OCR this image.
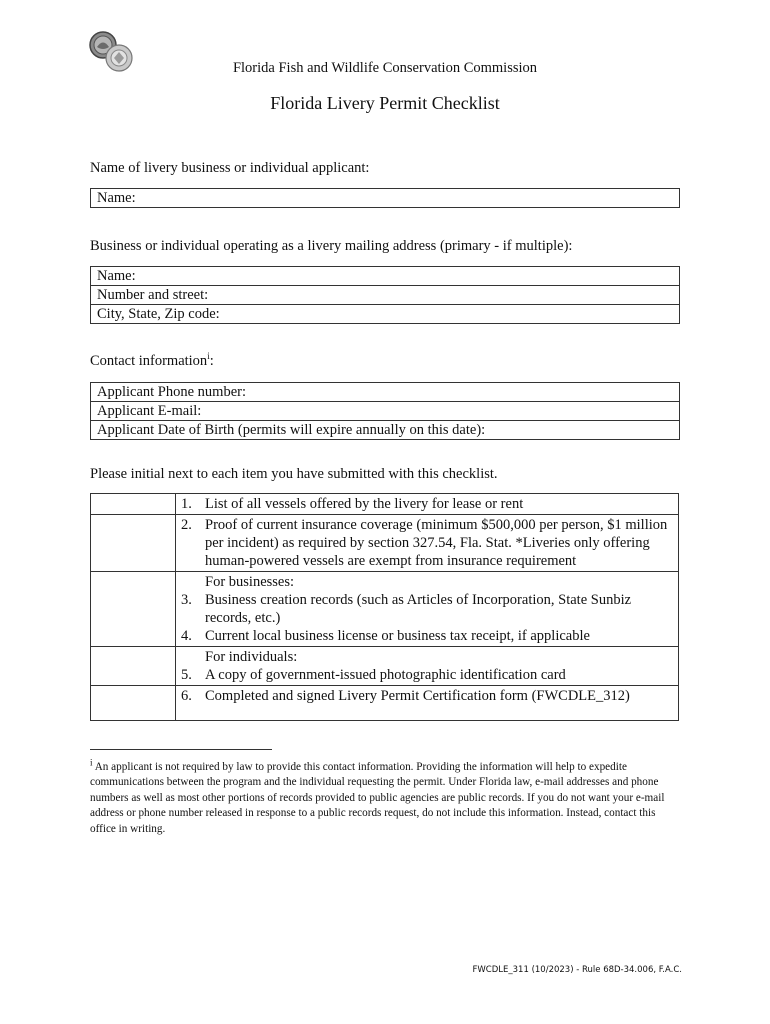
Florida Fish and Wildlife Conservation Commission
Florida Livery Permit Checklist
Name of livery business or individual applicant:
Name:
Business or individual operating as a livery mailing address (primary - if multiple):
Name:
Number and street:
City, State, Zip code:
Contact information$^i$:
Applicant Phone number:
Applicant E-mail:
Applicant Date of Birth (permits will expire annually on this date):
Please initial next to each item you have submitted with this checklist.

	1. List of all vessels offered by the livery for lease or rent

	2. Proof of current insurance coverage (minimum $500,000 per person, $1 million per incident) as required by section 327.54, Fla. Stat. *Liveries only offering human-powered vessels are exempt from insurance requirement

	For businesses:
3. Business creation records (such as Articles of Incorporation, State Sunbiz records, etc.)
4. Current local business license or business tax receipt, if applicable

	For individuals:
5. A copy of government-issued photographic identification card

	6. Completed and signed Livery Permit Certification form (FWCDLE_312)
$^i$ An applicant is not required by law to provide this contact information. Providing the information will help to expedite communications between the program and the individual requesting the permit. Under Florida law, e-mail addresses and phone numbers as well as most other portions of records provided to public agencies are public records. If you do not want your e-mail address or phone number released in response to a public records request, do not include this information. Instead, contact this office in writing.
FWCDLE_311 (10/2023) - Rule 68D-34.006, F.A.C.
